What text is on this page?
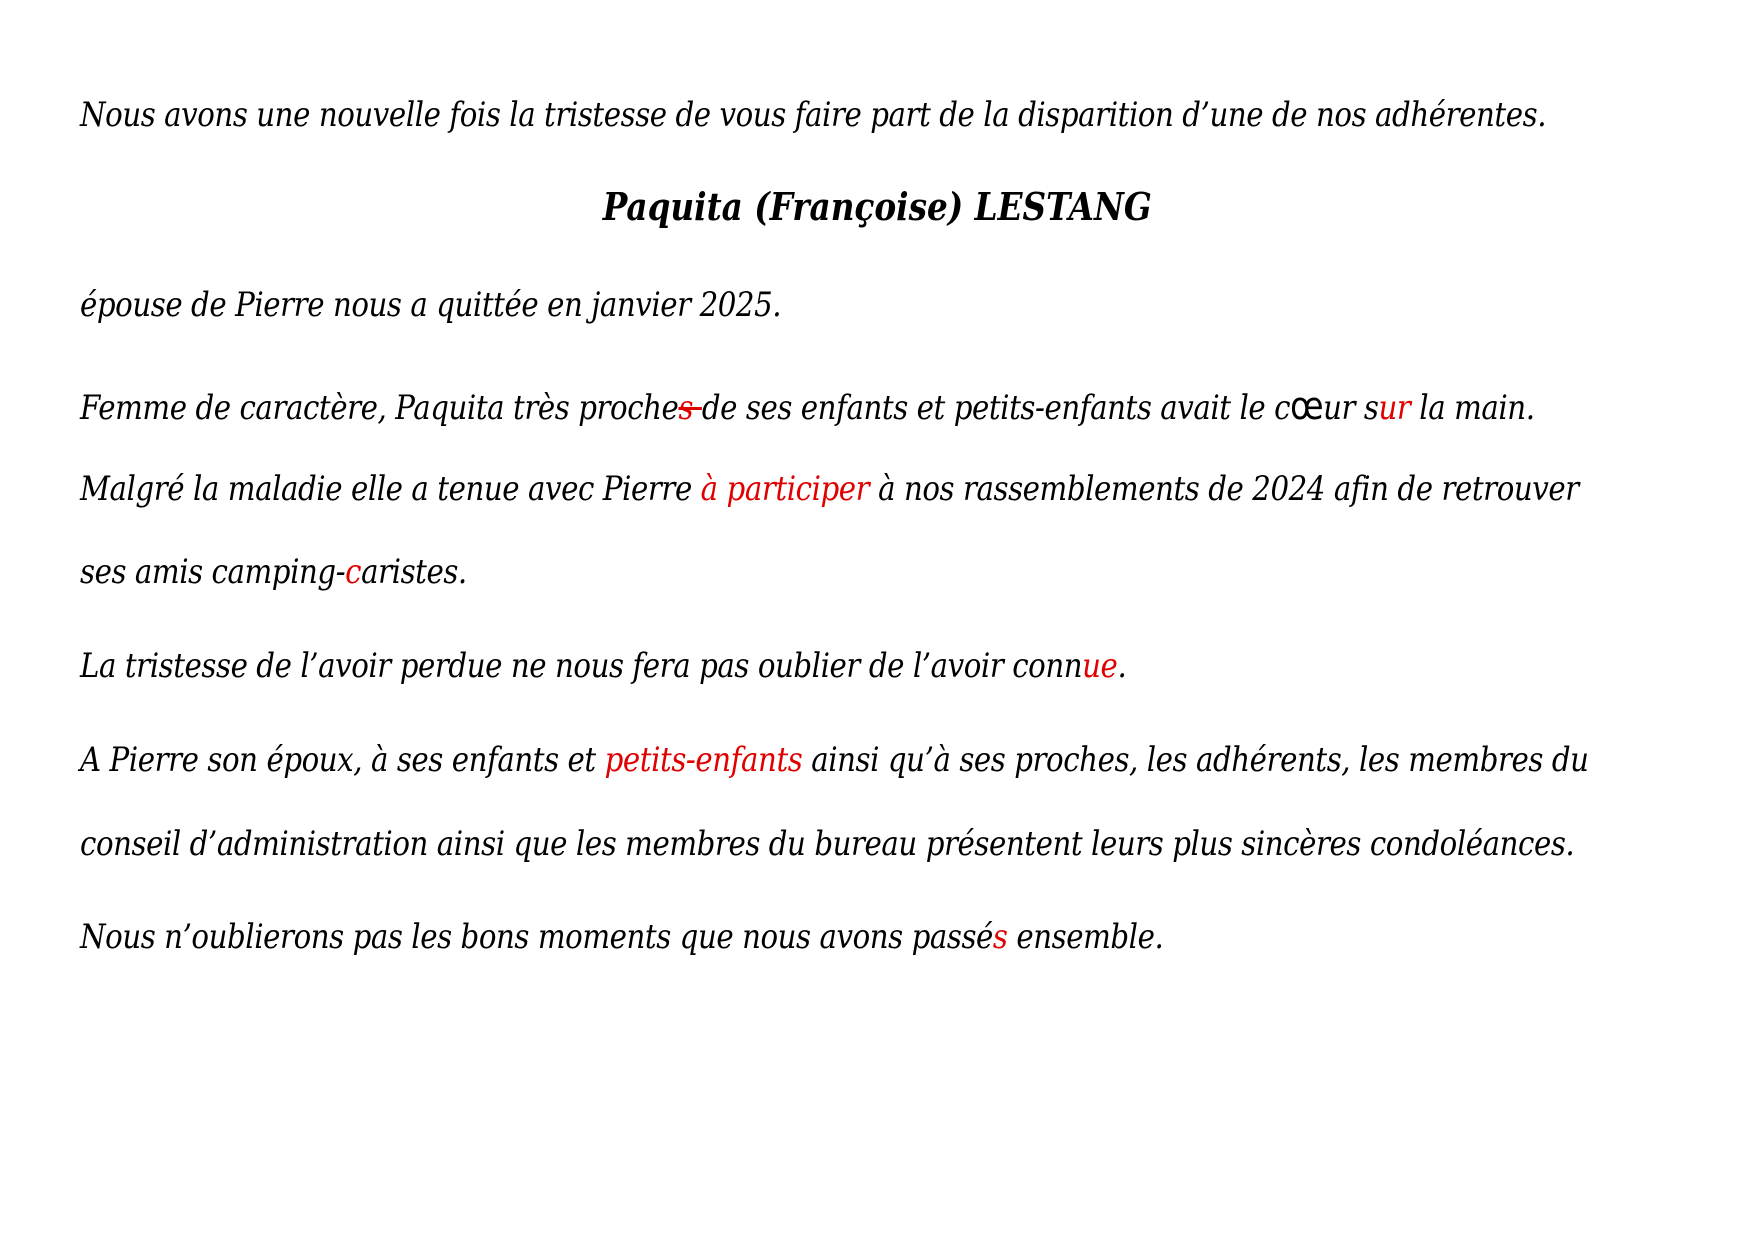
Nous avons une nouvelle fois la tristesse de vous faire part de la disparition d’une de nos adhérentes.
Paquita (Françoise) LESTANG
épouse de Pierre nous a quittée en janvier 2025.
Femme de caractère, Paquita très proches de ses enfants et petits-enfants avait le cœur sur la main.
Malgré la maladie elle a tenue avec Pierre à participer à nos rassemblements de 2024 afin de retrouver
ses amis camping-caristes.
La tristesse de l’avoir perdue ne nous fera pas oublier de l’avoir connue.
A Pierre son époux, à ses enfants et petits-enfants ainsi qu’à ses proches, les adhérents, les membres du
conseil d’administration ainsi que les membres du bureau présentent leurs plus sincères condoléances.
Nous n’oublierons pas les bons moments que nous avons passés ensemble.
